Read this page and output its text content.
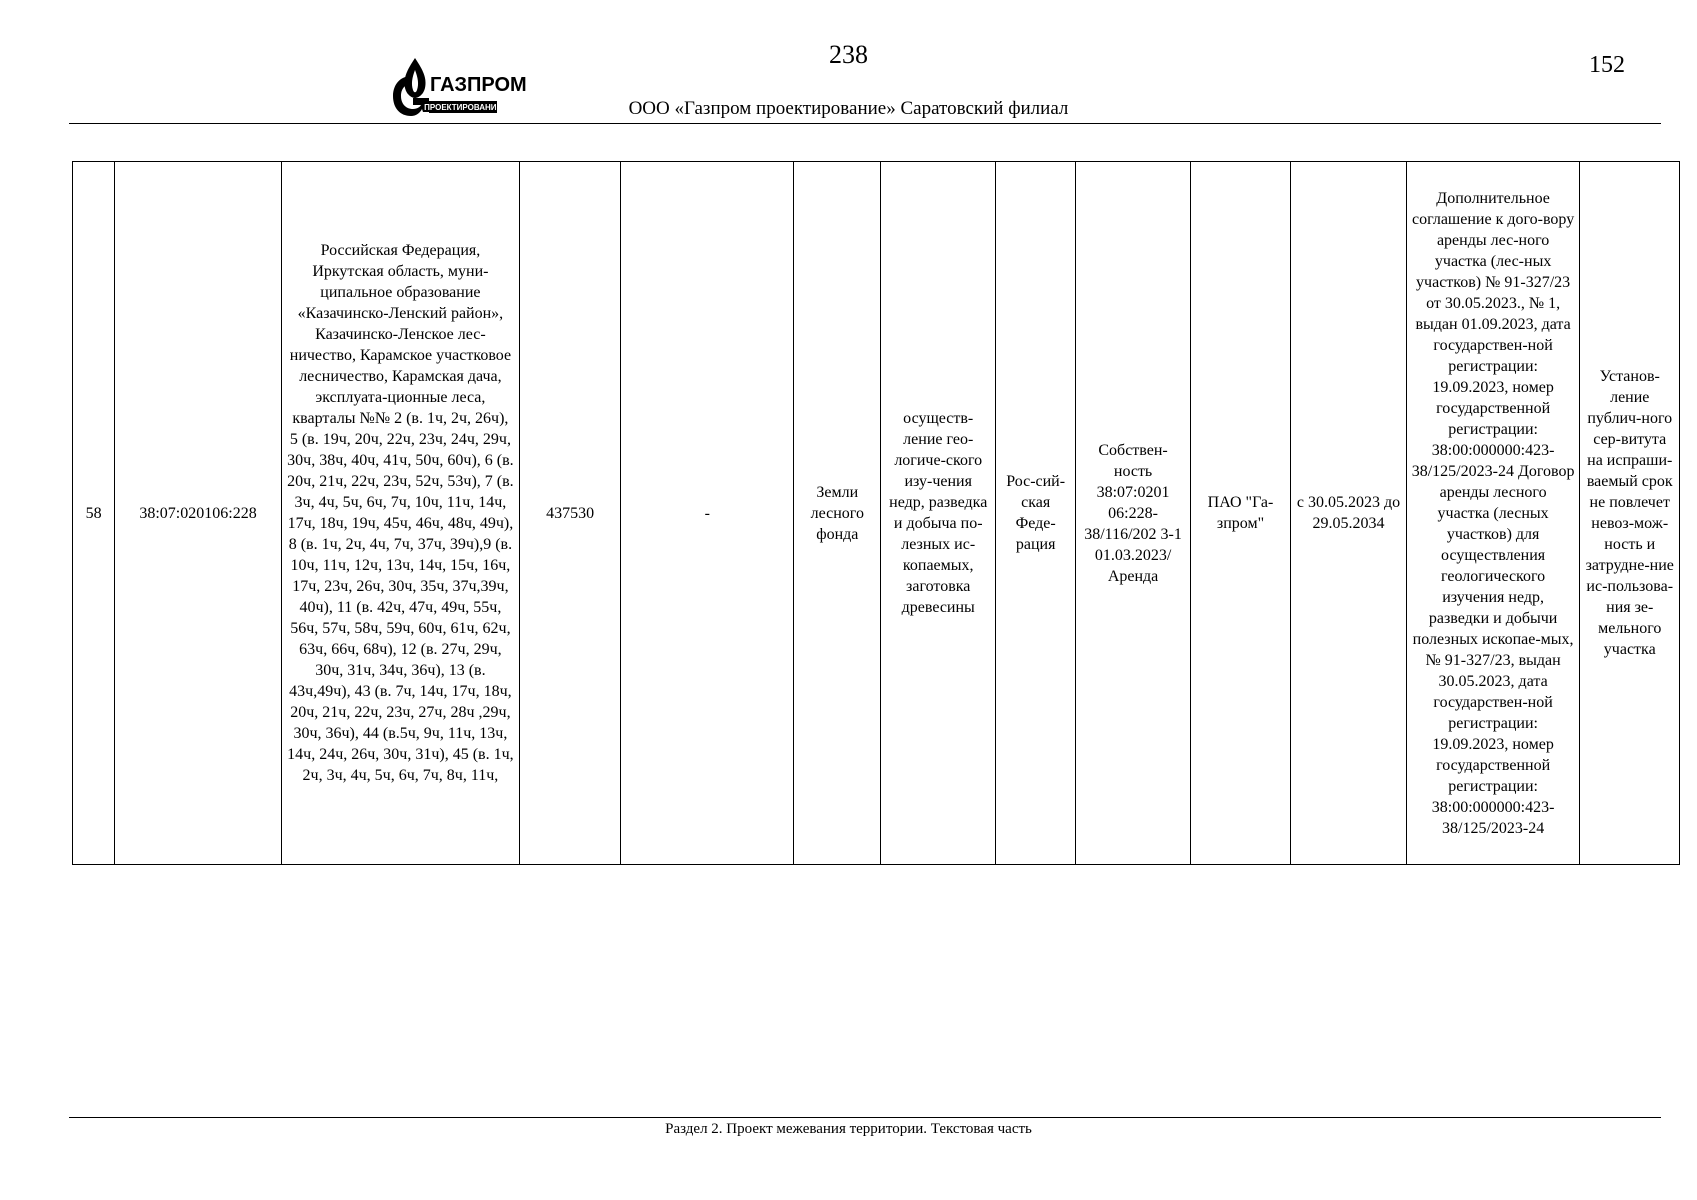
238	152
ГАЗПРОМ
ПРОЕКТИРОВАНИЕ	ООО «Газпром проектирование» Саратовский филиал
58	38:07:020106:228	Российская Федерация, Иркутская область, муни-ципальное образование «Казачинско-Ленский район», Казачинско-Ленское лес-ничество, Карамское участковое лесничество, Карамская дача, эксплуата-ционные леса, кварталы №№ 2 (в. 1ч, 2ч, 26ч), 5 (в. 19ч, 20ч, 22ч, 23ч, 24ч, 29ч, 30ч, 38ч, 40ч, 41ч, 50ч, 60ч), 6 (в. 20ч, 21ч, 22ч, 23ч, 52ч, 53ч), 7 (в. 3ч, 4ч, 5ч, 6ч, 7ч, 10ч, 11ч, 14ч, 17ч, 18ч, 19ч, 45ч, 46ч, 48ч, 49ч), 8 (в. 1ч, 2ч, 4ч, 7ч, 37ч, 39ч),9 (в. 10ч, 11ч, 12ч, 13ч, 14ч, 15ч, 16ч, 17ч, 23ч, 26ч, 30ч, 35ч, 37ч,39ч, 40ч), 11 (в. 42ч, 47ч, 49ч, 55ч, 56ч, 57ч, 58ч, 59ч, 60ч, 61ч, 62ч, 63ч, 66ч, 68ч), 12 (в. 27ч, 29ч, 30ч, 31ч, 34ч, 36ч), 13 (в. 43ч,49ч), 43 (в. 7ч, 14ч, 17ч, 18ч, 20ч, 21ч, 22ч, 23ч, 27ч, 28ч ,29ч, 30ч, 36ч), 44 (в.5ч, 9ч, 11ч, 13ч, 14ч, 24ч, 26ч, 30ч, 31ч), 45 (в. 1ч, 2ч, 3ч, 4ч, 5ч, 6ч, 7ч, 8ч, 11ч,	437530	-	Земли лесного фонда	осуществ-ление гео-логиче-ского изу-чения недр, разведка и добыча по-лезных ис-копаемых, заготовка древесины	Рос-сий-ская Феде-рация	Собствен-ность 38:07:0201 06:228-38/116/202 3-1 01.03.2023/ Аренда	ПАО "Га-зпром"	с 30.05.2023 до 29.05.2034	Дополнительное соглашение к дого-вору аренды лес-ного участка (лес-ных участков) № 91-327/23 от 30.05.2023., № 1, выдан 01.09.2023, дата государствен-ной регистрации: 19.09.2023, номер государственной регистрации: 38:00:000000:423-38/125/2023-24 Договор аренды лесного участка (лесных участков) для осуществления геологического изучения недр, разведки и добычи полезных ископае-мых, № 91-327/23, выдан 30.05.2023, дата государствен-ной регистрации: 19.09.2023, номер государственной регистрации: 38:00:000000:423-38/125/2023-24	Установ-ление публич-ного сер-витута на испраши-ваемый срок не повлечет невоз-мож-ность и затрудне-ние ис-пользова-ния зе-мельного участка
Раздел 2. Проект межевания территории. Текстовая часть
